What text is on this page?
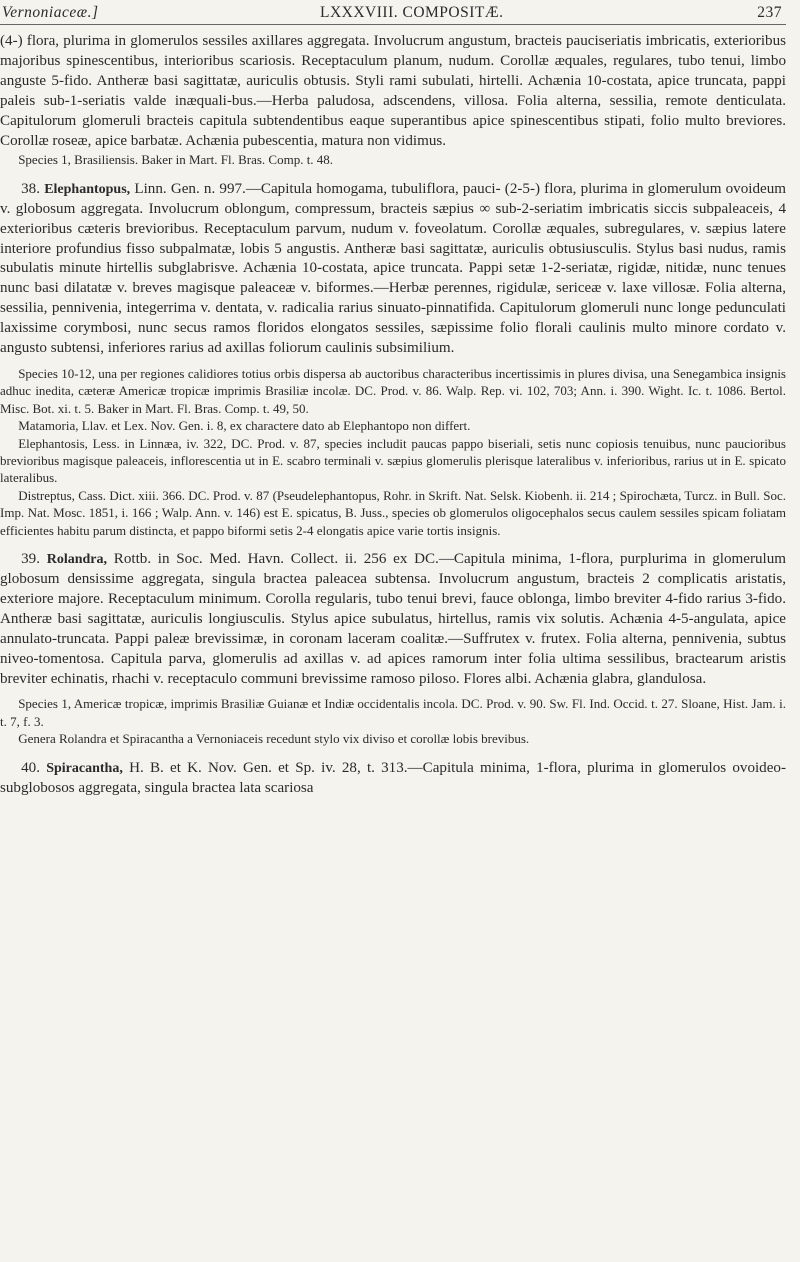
Vernoniaceæ.]	LXXXVIII. COMPOSITÆ.	237

(4-) flora, plurima in glomerulos sessiles axillares aggregata. Involucrum angustum, bracteis pauciseriatis imbricatis, exterioribus majoribus spinescentibus, interioribus scariosis. Receptaculum planum, nudum. Corollæ æquales, regulares, tubo tenui, limbo anguste 5-fido. Antheræ basi sagittatæ, auriculis obtusis. Styli rami subulati, hirtelli. Achænia 10-costata, apice truncata, pappi paleis sub-1-seriatis valde inæquali-bus.—Herba paludosa, adscendens, villosa. Folia alterna, sessilia, remote denticulata. Capitulorum glomeruli bracteis capitula subtendentibus eaque superantibus apice spinescentibus stipati, folio multo breviores. Corollæ roseæ, apice barbatæ. Achænia pubescentia, matura non vidimus.

Species 1, Brasiliensis. Baker in Mart. Fl. Bras. Comp. t. 48.

38. Elephantopus, Linn. Gen. n. 997.—Capitula homogama, tubuliflora, pauci- (2-5-) flora, plurima in glomerulum ovoideum v. globosum aggregata. Involucrum oblongum, compressum, bracteis sæpius ∞ sub-2-seriatim imbricatis siccis subpaleaceis, 4 exterioribus cæteris brevioribus. Receptaculum parvum, nudum v. foveolatum. Corollæ æquales, subregulares, v. sæpius latere interiore profundius fisso subpalmatæ, lobis 5 angustis. Antheræ basi sagittatæ, auriculis obtusiusculis. Stylus basi nudus, ramis subulatis minute hirtellis subglabrisve. Achænia 10-costata, apice truncata. Pappi setæ 1-2-seriatæ, rigidæ, nitidæ, nunc tenues nunc basi dilatatæ v. breves magisque paleaceæ v. biformes.—Herbæ perennes, rigidulæ, sericeæ v. laxe villosæ. Folia alterna, sessilia, pennivenia, integerrima v. dentata, v. radicalia rarius sinuato-pinnatifida. Capitulorum glomeruli nunc longe pedunculati laxissime corymbosi, nunc secus ramos floridos elongatos sessiles, sæpissime folio florali caulinis multo minore cordato v. angusto subtensi, inferiores rarius ad axillas foliorum caulinis subsimilium.

Species 10-12, una per regiones calidiores totius orbis dispersa ab auctoribus characteribus incertissimis in plures divisa, una Senegambica insignis adhuc inedita, cæteræ Americæ tropicæ imprimis Brasiliæ incolæ. DC. Prod. v. 86. Walp. Rep. vi. 102, 703; Ann. i. 390. Wight. Ic. t. 1086. Bertol. Misc. Bot. xi. t. 5. Baker in Mart. Fl. Bras. Comp. t. 49, 50.

Matamoria, Llav. et Lex. Nov. Gen. i. 8, ex charactere dato ab Elephantopo non differt.

Elephantosis, Less. in Linnæa, iv. 322, DC. Prod. v. 87, species includit paucas pappo biseriali, setis nunc copiosis tenuibus, nunc paucioribus brevioribus magisque paleaceis, inflorescentia ut in E. scabro terminali v. sæpius glomerulis plerisque lateralibus v. inferioribus, rarius ut in E. spicato lateralibus.

Distreptus, Cass. Dict. xiii. 366. DC. Prod. v. 87 (Pseudelephantopus, Rohr. in Skrift. Nat. Selsk. Kiobenh. ii. 214 ; Spirochæta, Turcz. in Bull. Soc. Imp. Nat. Mosc. 1851, i. 166 ; Walp. Ann. v. 146) est E. spicatus, B. Juss., species ob glomerulos oligocephalos secus caulem sessiles spicam foliatam efficientes habitu parum distincta, et pappo biformi setis 2-4 elongatis apice varie tortis insignis.

39. Rolandra, Rottb. in Soc. Med. Havn. Collect. ii. 256 ex DC.—Capitula minima, 1-flora, purplurima in glomerulum globosum densissime aggregata, singula bractea paleacea subtensa. Involucrum angustum, bracteis 2 complicatis aristatis, exteriore majore. Receptaculum minimum. Corolla regularis, tubo tenui brevi, fauce oblonga, limbo breviter 4-fido rarius 3-fido. Antheræ basi sagittatæ, auriculis longiusculis. Stylus apice subulatus, hirtellus, ramis vix solutis. Achænia 4-5-angulata, apice annulato-truncata. Pappi paleæ brevissimæ, in coronam laceram coalitæ.—Suffrutex v. frutex. Folia alterna, pennivenia, subtus niveo-tomentosa. Capitula parva, glomerulis ad axillas v. ad apices ramorum inter folia ultima sessilibus, bractearum aristis breviter echinatis, rhachi v. receptaculo communi brevissime ramoso piloso. Flores albi. Achænia glabra, glandulosa.

Species 1, Americæ tropicæ, imprimis Brasiliæ Guianæ et Indiæ occidentalis incola. DC. Prod. v. 90. Sw. Fl. Ind. Occid. t. 27. Sloane, Hist. Jam. i. t. 7, f. 3.

Genera Rolandra et Spiracantha a Vernoniaceis recedunt stylo vix diviso et corollæ lobis brevibus.

40. Spiracantha, H. B. et K. Nov. Gen. et Sp. iv. 28, t. 313.—Capitula minima, 1-flora, plurima in glomerulos ovoideo-subglobosos aggregata, singula bractea lata scariosa
